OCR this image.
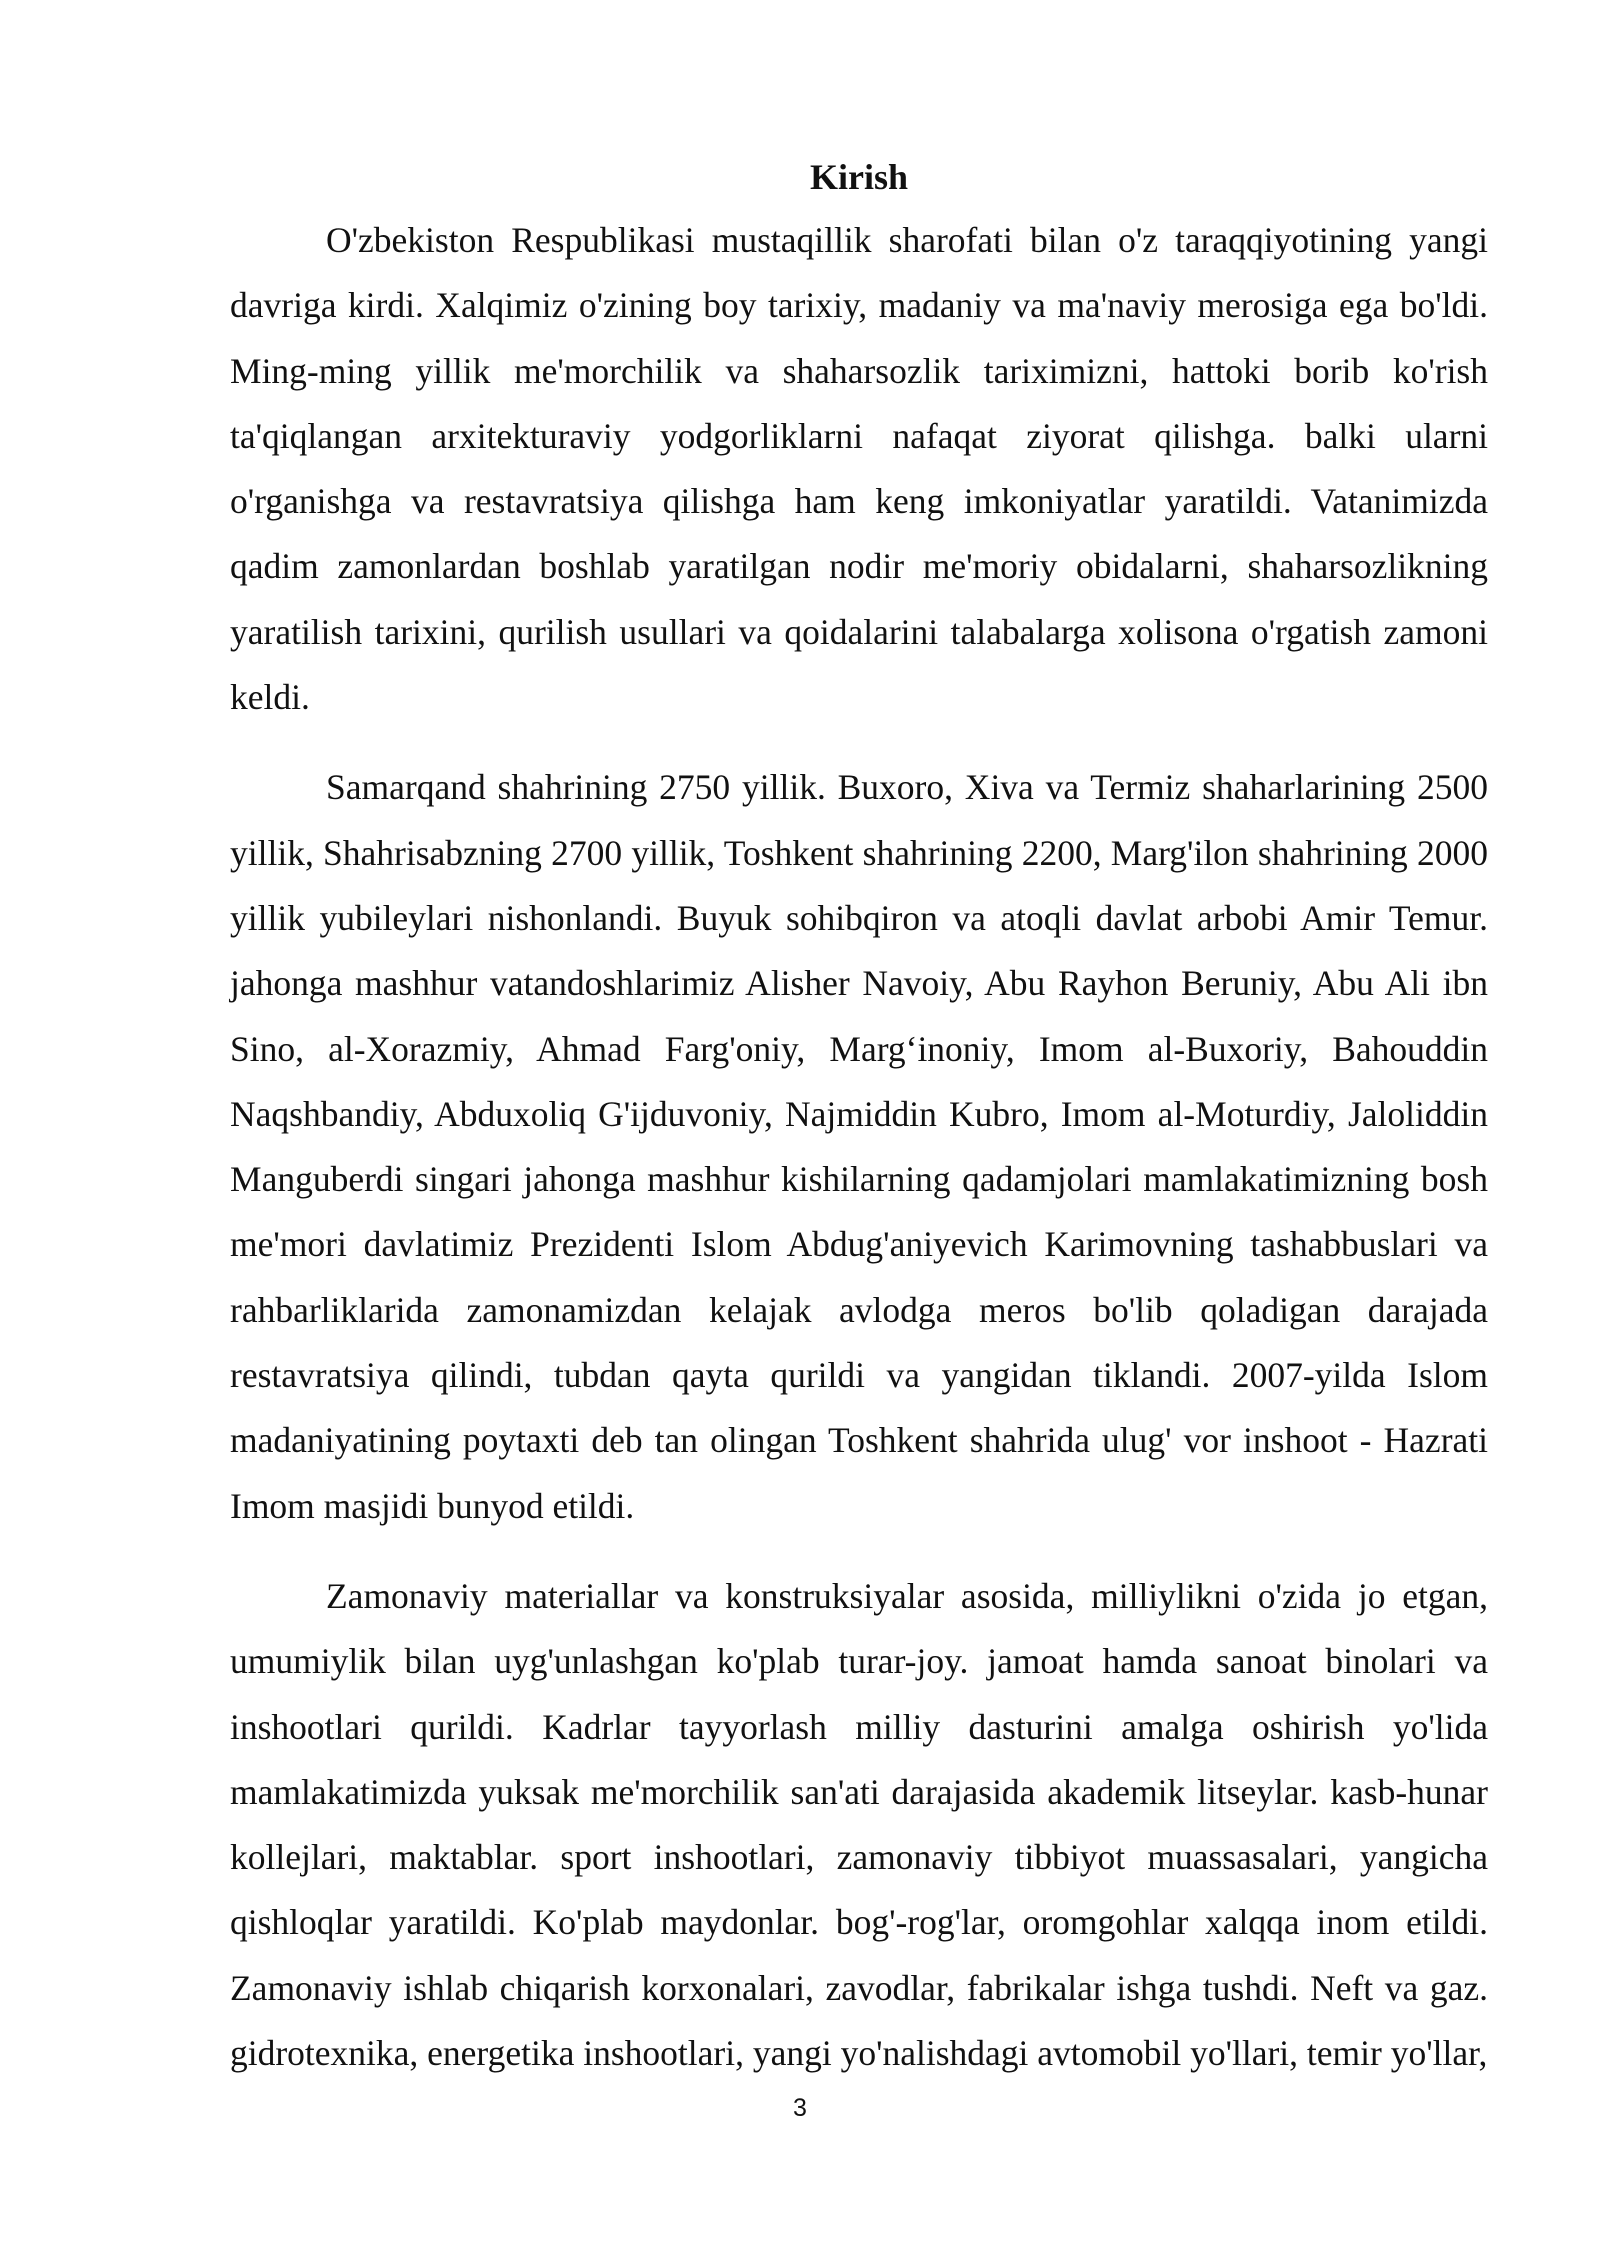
Kirish

O'zbekiston Respublikasi mustaqillik sharofati bilan o'z taraqqiyotining yangi davriga kirdi. Xalqimiz o'zining boy tarixiy, madaniy va ma'naviy merosiga ega bo'ldi. Ming-ming yillik me'morchilik va shaharsozlik tariximizni, hattoki borib ko'rish ta'qiqlangan arxitekturaviy yodgorliklarni nafaqat ziyorat qilishga. balki ularni o'rganishga va restavratsiya qilishga ham keng imkoniyatlar yaratildi. Vatanimizda qadim zamonlardan boshlab yaratilgan nodir me'moriy obidalarni, shaharsozlikning yaratilish tarixini, qurilish usullari va qoidalarini talabalarga xolisona o'rgatish zamoni keldi.

Samarqand shahrining 2750 yillik. Buxoro, Xiva va Termiz shaharlarining 2500 yillik, Shahrisabzning 2700 yillik, Toshkent shahrining 2200, Marg'ilon shahrining 2000 yillik yubileylari nishonlandi. Buyuk sohibqiron va atoqli davlat arbobi Amir Temur. jahonga mashhur vatandoshlarimiz Alisher Navoiy, Abu Rayhon Beruniy, Abu Ali ibn Sino, al-Xorazmiy, Ahmad Farg'oniy, Marg‘inoniy, Imom al-Buxoriy, Bahouddin Naqshbandiy, Abduxoliq G'ijduvoniy, Najmiddin Kubro, Imom al-Moturdiy, Jaloliddin Manguberdi singari jahonga mashhur kishilarning qadamjolari mamlakatimizning bosh me'mori davlatimiz Prezidenti Islom Abdug'aniyevich Karimovning tashabbuslari va rahbarliklarida zamonamizdan kelajak avlodga meros bo'lib qoladigan darajada restavratsiya qilindi, tubdan qayta qurildi va yangidan tiklandi. 2007-yilda Islom madaniyatining poytaxti deb tan olingan Toshkent shahrida ulug' vor inshoot - Hazrati Imom masjidi bunyod etildi.

Zamonaviy materiallar va konstruksiyalar asosida, milliylikni o'zida jo etgan, umumiylik bilan uyg'unlashgan ko'plab turar-joy. jamoat hamda sanoat binolari va inshootlari qurildi. Kadrlar tayyorlash milliy dasturini amalga oshirish yo'lida mamlakatimizda yuksak me'morchilik san'ati darajasida akademik litseylar. kasb-hunar kollejlari, maktablar. sport inshootlari, zamonaviy tibbiyot muassasalari, yangicha qishloqlar yaratildi. Ko'plab maydonlar. bog'-rog'lar, oromgohlar xalqqa inom etildi. Zamonaviy ishlab chiqarish korxonalari, zavodlar, fabrikalar ishga tushdi. Neft va gaz. gidrotexnika, energetika inshootlari, yangi yo'nalishdagi avtomobil yo'llari, temir yo'llar,

3
